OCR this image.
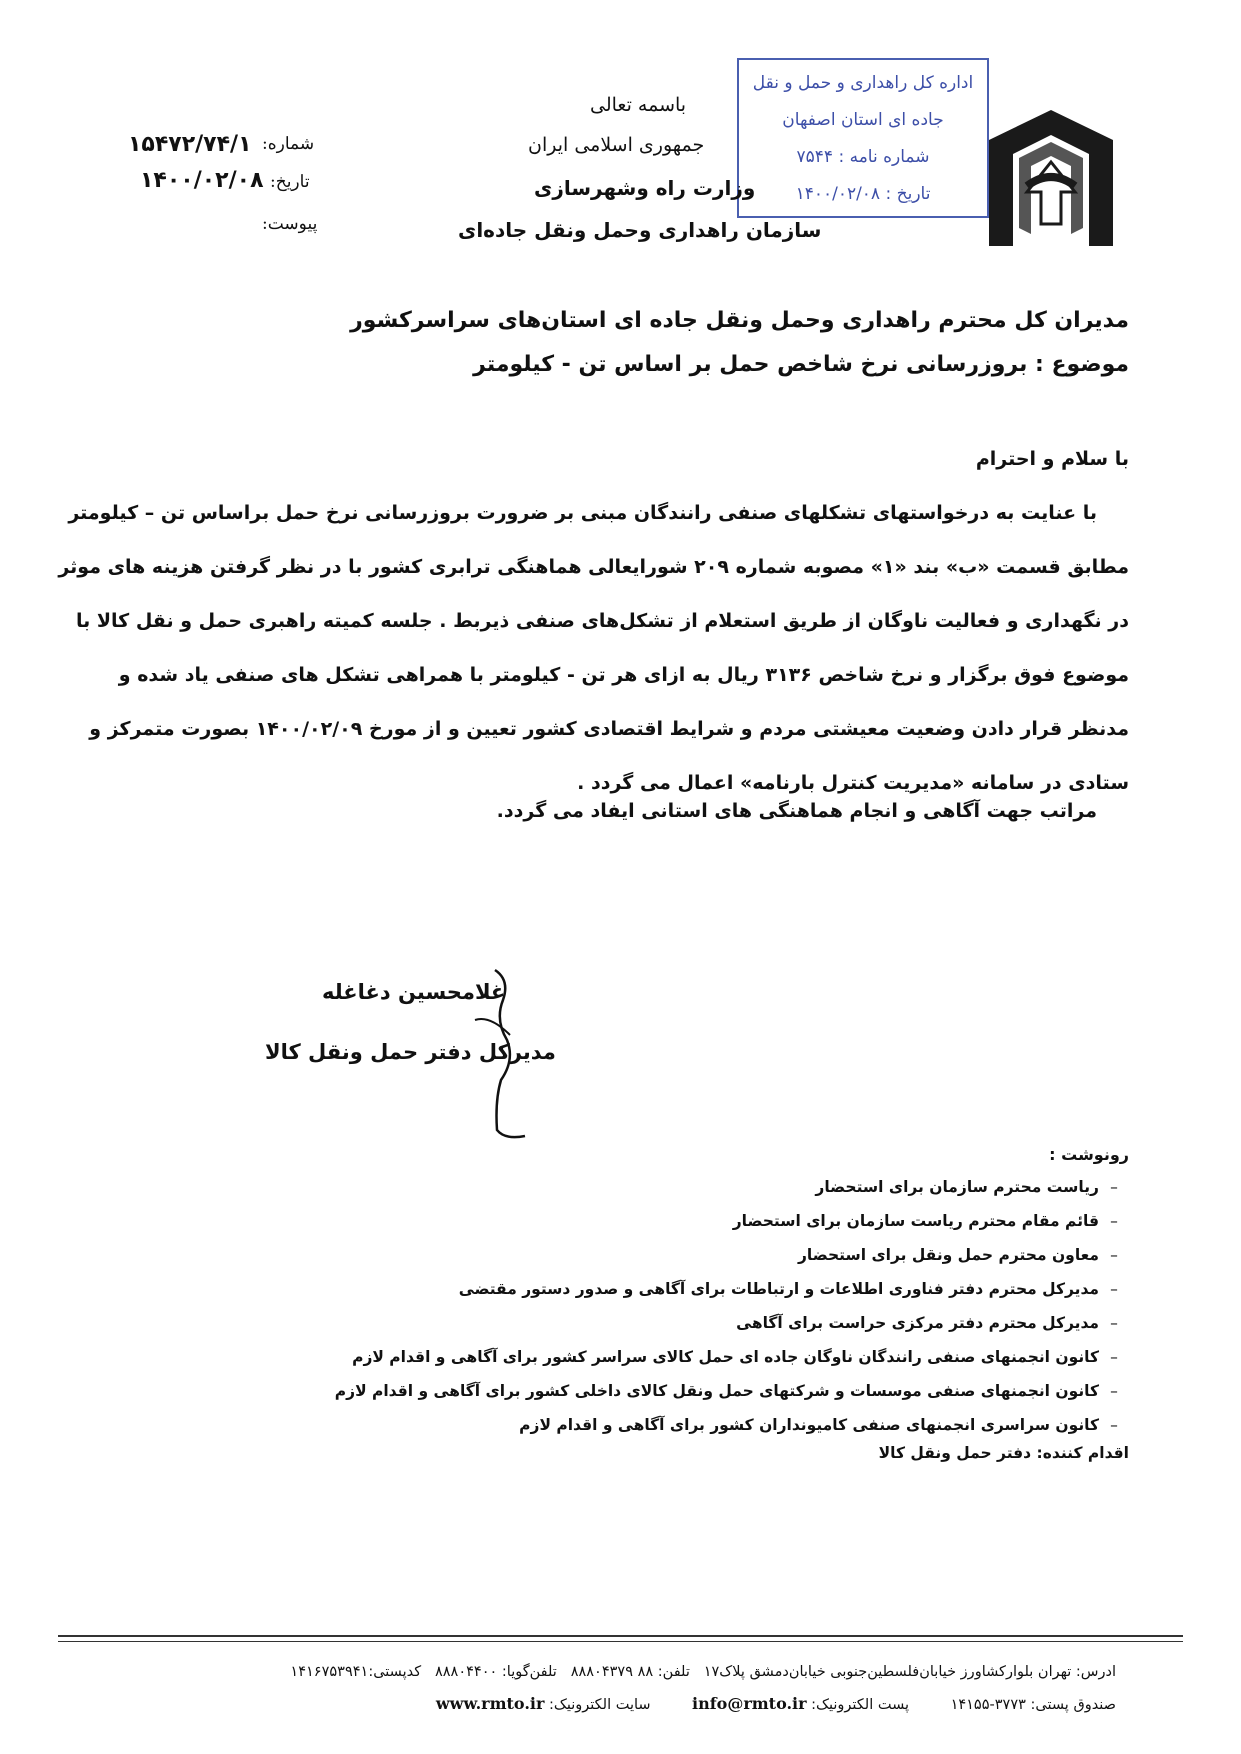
اداره کل راهداری و حمل و نقل
جاده ای استان اصفهان
شماره نامه : ۷۵۴۴
تاریخ : ۱۴۰۰/۰۲/۰۸
باسمه تعالی
جمهوری اسلامی ایران
وزارت راه وشهرسازی
سازمان راهداری وحمل ونقل جاده‌ای
شماره:
۱۵۴۷۲/۷۴/۱
تاریخ:
۱۴۰۰/۰۲/۰۸
پیوست:
مدیران کل محترم راهداری وحمل ونقل جاده ای استان‌های سراسرکشور
موضوع : بروزرسانی نرخ شاخص حمل بر اساس تن - کیلومتر
با سلام و احترام
با عنایت به درخواستهای تشکلهای صنفی رانندگان مبنی بر ضرورت بروزرسانی نرخ حمل براساس تن – کیلومتر
مطابق قسمت «ب» بند «۱» مصوبه شماره ۲۰۹ شورایعالی هماهنگی ترابری کشور با در نظر گرفتن هزینه های موثر
در نگهداری و فعالیت ناوگان از طریق استعلام از تشکل‌های صنفی ذیربط . جلسه کمیته راهبری حمل و نقل کالا با
موضوع فوق برگزار و نرخ شاخص ۳۱۳۶ ریال به ازای هر تن - کیلومتر با همراهی تشکل های صنفی یاد شده و
مدنظر قرار دادن وضعیت معیشتی مردم و شرایط اقتصادی کشور تعیین و از مورخ ۱۴۰۰/۰۲/۰۹ بصورت متمرکز و
ستادی در سامانه «مدیریت کنترل بارنامه» اعمال می گردد .
مراتب جهت آگاهی و انجام هماهنگی های استانی ایفاد می گردد.
غلامحسین دغاغله
مدیرکل دفتر حمل ونقل کالا
رونوشت :
–
ریاست محترم سازمان برای استحضار
–
قائم مقام محترم ریاست سازمان برای استحضار
–
معاون محترم حمل ونقل برای استحضار
–
مدیرکل محترم دفتر فناوری اطلاعات و ارتباطات برای آگاهی و صدور دستور مقتضی
–
مدیرکل محترم دفتر مرکزی حراست برای آگاهی
–
کانون انجمنهای صنفی رانندگان ناوگان جاده ای حمل کالای سراسر کشور برای آگاهی و اقدام لازم
–
کانون انجمنهای صنفی موسسات و شرکتهای حمل ونقل کالای داخلی کشور برای آگاهی و اقدام لازم
–
کانون سراسری انجمنهای صنفی کامیونداران کشور برای آگاهی و اقدام لازم
اقدام کننده: دفتر حمل ونقل کالا
ادرس: تهران بلوارکشاورز خیابان‌فلسطین‌جنوبی خیابان‌دمشق پلاک۱۷   تلفن: ۸۸ ۸۸۸۰۴۳۷۹   تلفن‌گویا: ۸۸۸۰۴۴۰۰   کدپستی:۱۴۱۶۷۵۳۹۴۱
صندوق پستی: ۳۷۷۳-۱۴۱۵۵         پست الکترونیک: info@rmto.ir         سایت الکترونیک: www.rmto.ir
